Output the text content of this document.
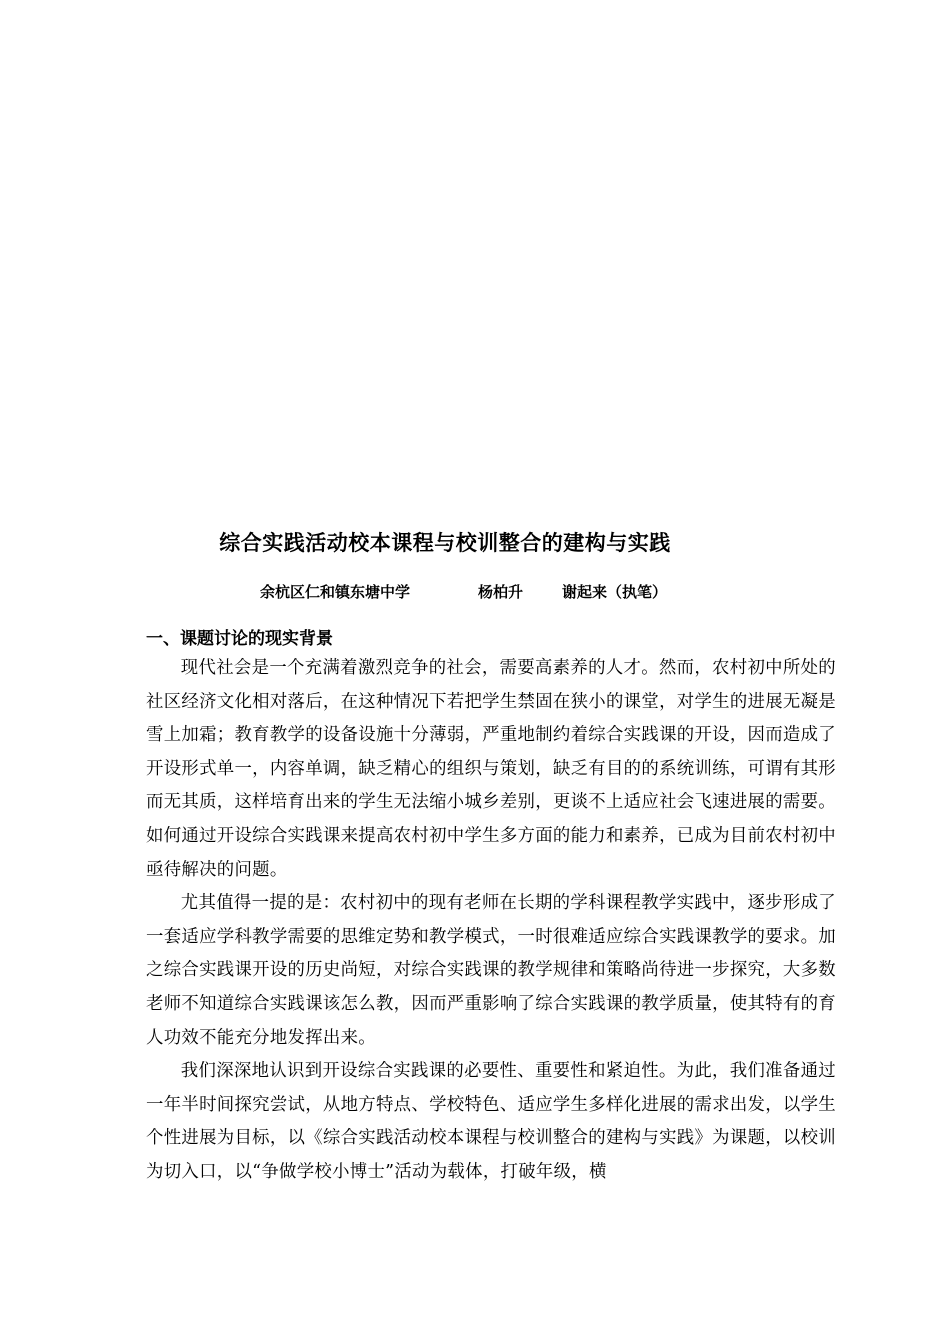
综合实践活动校本课程与校训整合的建构与实践
余杭区仁和镇东塘中学	杨柏升	谢起来（执笔）
一、课题讨论的现实背景

现代社会是一个充满着激烈竞争的社会，需要高素养的人才。然而，农村初中所处的社区经济文化相对落后，在这种情况下若把学生禁固在狭小的课堂，对学生的进展无凝是雪上加霜；教育教学的设备设施十分薄弱，严重地制约着综合实践课的开设，因而造成了开设形式单一，内容单调，缺乏精心的组织与策划，缺乏有目的的系统训练，可谓有其形而无其质，这样培育出来的学生无法缩小城乡差别，更谈不上适应社会飞速进展的需要。如何通过开设综合实践课来提高农村初中学生多方面的能力和素养，已成为目前农村初中亟待解决的问题。

尤其值得一提的是：农村初中的现有老师在长期的学科课程教学实践中，逐步形成了一套适应学科教学需要的思维定势和教学模式，一时很难适应综合实践课教学的要求。加之综合实践课开设的历史尚短，对综合实践课的教学规律和策略尚待进一步探究，大多数老师不知道综合实践课该怎么教，因而严重影响了综合实践课的教学质量，使其特有的育人功效不能充分地发挥出来。

我们深深地认识到开设综合实践课的必要性、重要性和紧迫性。为此，我们准备通过一年半时间探究尝试，从地方特点、学校特色、适应学生多样化进展的需求出发，以学生个性进展为目标，以《综合实践活动校本课程与校训整合的建构与实践》为课题，以校训为切入口，以“争做学校小博士”活动为载体，打破年级，横
